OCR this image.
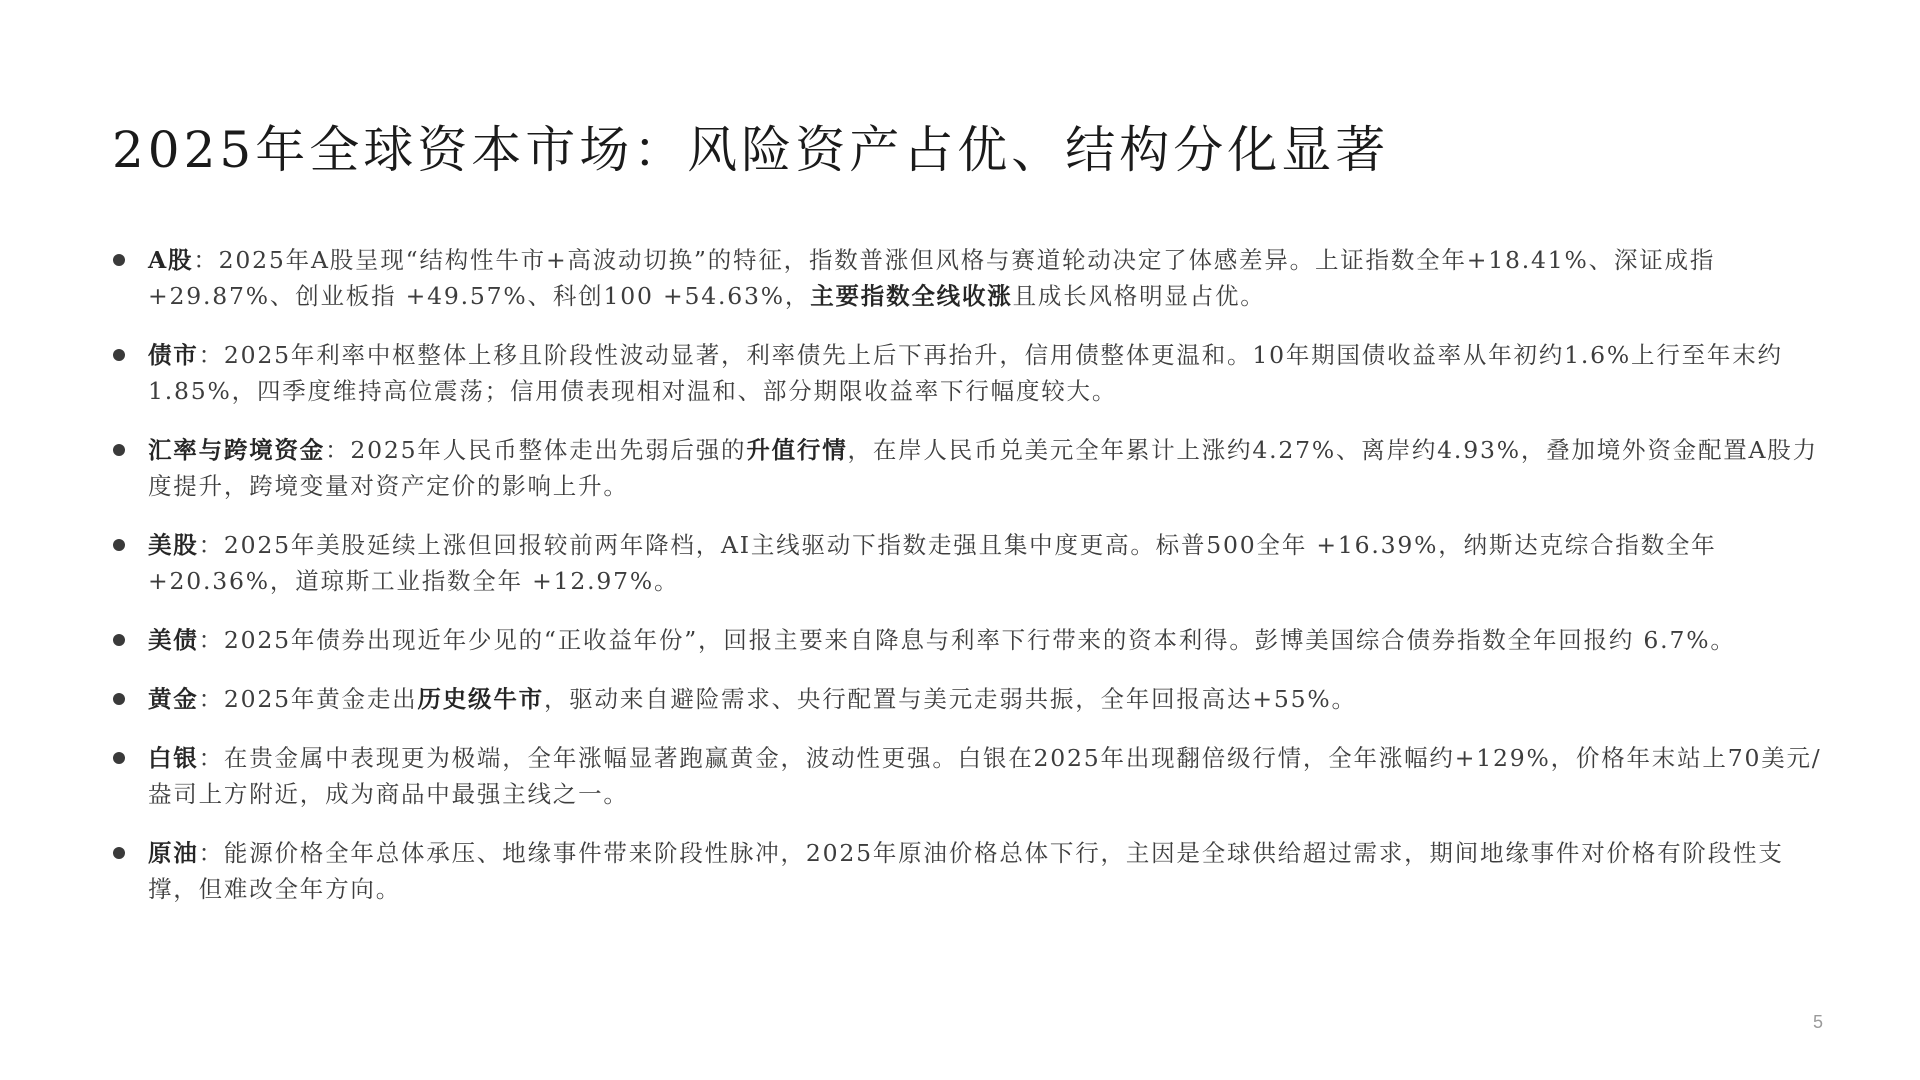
2025年全球资本市场：风险资产占优、结构分化显著
A股：2025年A股呈现“结构性牛市+高波动切换”的特征，指数普涨但风格与赛道轮动决定了体感差异。上证指数全年+18.41%、深证成指 +29.87%、创业板指 +49.57%、科创100 +54.63%，主要指数全线收涨且成长风格明显占优。
债市：2025年利率中枢整体上移且阶段性波动显著，利率债先上后下再抬升，信用债整体更温和。10年期国债收益率从年初约1.6%上行至年末约1.85%，四季度维持高位震荡；信用债表现相对温和、部分期限收益率下行幅度较大。
汇率与跨境资金：2025年人民币整体走出先弱后强的升值行情，在岸人民币兑美元全年累计上涨约4.27%、离岸约4.93%，叠加境外资金配置A股力度提升，跨境变量对资产定价的影响上升。
美股：2025年美股延续上涨但回报较前两年降档，AI主线驱动下指数走强且集中度更高。标普500全年 +16.39%，纳斯达克综合指数全年 +20.36%，道琼斯工业指数全年 +12.97%。
美债：2025年债券出现近年少见的“正收益年份”，回报主要来自降息与利率下行带来的资本利得。彭博美国综合债券指数全年回报约 6.7%。
黄金：2025年黄金走出历史级牛市，驱动来自避险需求、央行配置与美元走弱共振，全年回报高达+55%。
白银：在贵金属中表现更为极端，全年涨幅显著跑赢黄金，波动性更强。白银在2025年出现翻倍级行情，全年涨幅约+129%，价格年末站上70美元/盎司上方附近，成为商品中最强主线之一。
原油：能源价格全年总体承压、地缘事件带来阶段性脉冲，2025年原油价格总体下行，主因是全球供给超过需求，期间地缘事件对价格有阶段性支撑，但难改全年方向。
5
